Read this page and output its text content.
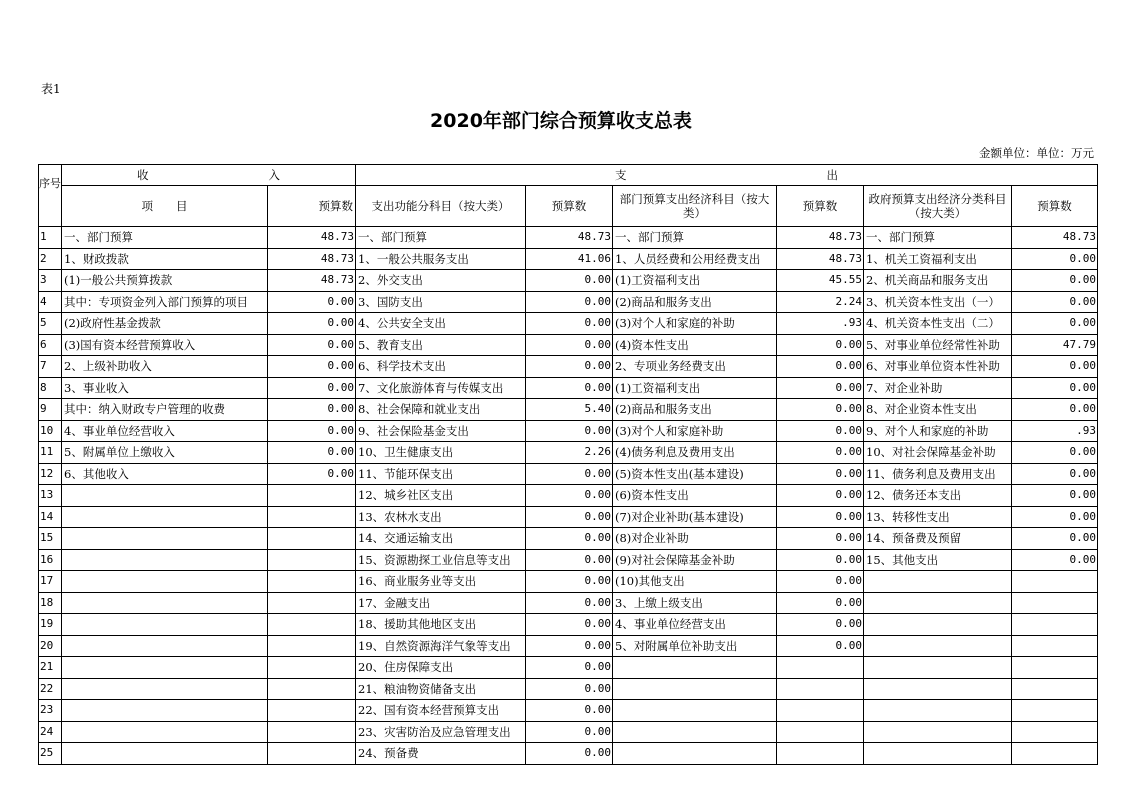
表1
2020年部门综合预算收支总表
金额单位：单位：万元
序号	收 入		支 出					
	项　　目	预算数	支出功能分科目（按大类）	预算数	部门预算支出经济科目（按大类）	预算数	政府预算支出经济分类科目（按大类）	预算数
1	一、部门预算	48.73	一、部门预算	48.73	一、部门预算	48.73	一、部门预算	48.73
2	1、财政拨款	48.73	1、一般公共服务支出	41.06	1、人员经费和公用经费支出	48.73	1、机关工资福利支出	0.00
3	(1)一般公共预算拨款	48.73	2、外交支出	0.00	(1)工资福利支出	45.55	2、机关商品和服务支出	0.00
4	其中：专项资金列入部门预算的项目	0.00	3、国防支出	0.00	(2)商品和服务支出	2.24	3、机关资本性支出（一）	0.00
5	(2)政府性基金拨款	0.00	4、公共安全支出	0.00	(3)对个人和家庭的补助	.93	4、机关资本性支出（二）	0.00
6	(3)国有资本经营预算收入	0.00	5、教育支出	0.00	(4)资本性支出	0.00	5、对事业单位经常性补助	47.79
7	2、上级补助收入	0.00	6、科学技术支出	0.00	2、专项业务经费支出	0.00	6、对事业单位资本性补助	0.00
8	3、事业收入	0.00	7、文化旅游体育与传媒支出	0.00	(1)工资福利支出	0.00	7、对企业补助	0.00
9	其中：纳入财政专户管理的收费	0.00	8、社会保障和就业支出	5.40	(2)商品和服务支出	0.00	8、对企业资本性支出	0.00
10	4、事业单位经营收入	0.00	9、社会保险基金支出	0.00	(3)对个人和家庭补助	0.00	9、对个人和家庭的补助	.93
11	5、附属单位上缴收入	0.00	10、卫生健康支出	2.26	(4)债务利息及费用支出	0.00	10、对社会保障基金补助	0.00
12	6、其他收入	0.00	11、节能环保支出	0.00	(5)资本性支出(基本建设)	0.00	11、债务利息及费用支出	0.00
13			12、城乡社区支出	0.00	(6)资本性支出	0.00	12、债务还本支出	0.00
14			13、农林水支出	0.00	(7)对企业补助(基本建设)	0.00	13、转移性支出	0.00
15			14、交通运输支出	0.00	(8)对企业补助	0.00	14、预备费及预留	0.00
16			15、资源勘探工业信息等支出	0.00	(9)对社会保障基金补助	0.00	15、其他支出	0.00
17			16、商业服务业等支出	0.00	(10)其他支出	0.00		
18			17、金融支出	0.00	3、上缴上级支出	0.00		
19			18、援助其他地区支出	0.00	4、事业单位经营支出	0.00		
20			19、自然资源海洋气象等支出	0.00	5、对附属单位补助支出	0.00		
21			20、住房保障支出	0.00				
22			21、粮油物资储备支出	0.00				
23			22、国有资本经营预算支出	0.00				
24			23、灾害防治及应急管理支出	0.00				
25			24、预备费	0.00				
